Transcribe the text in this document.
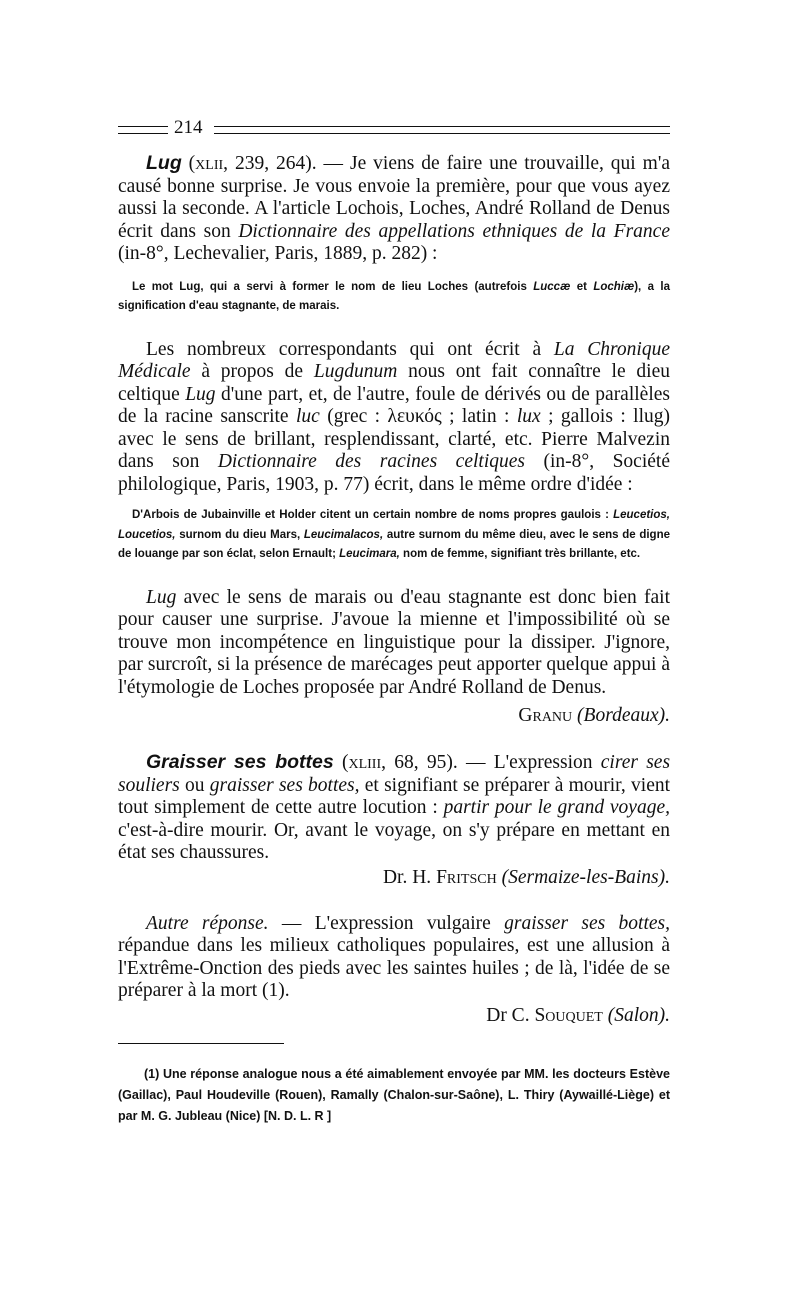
214

Lug (xlii, 239, 264). — Je viens de faire une trouvaille, qui m'a causé bonne surprise. Je vous envoie la première, pour que vous ayez aussi la seconde. A l'article Lochois, Loches, André Rolland de Denus écrit dans son Dictionnaire des appellations ethniques de la France (in-8°, Lechevalier, Paris, 1889, p. 282) :

Le mot Lug, qui a servi à former le nom de lieu Loches (autrefois Luccæ et Lochiæ), a la signification d'eau stagnante, de marais.

Les nombreux correspondants qui ont écrit à La Chronique Médicale à propos de Lugdunum nous ont fait connaître le dieu celtique Lug d'une part, et, de l'autre, foule de dérivés ou de parallèles de la racine sanscrite luc (grec : λευκός ; latin : lux ; gallois : llug) avec le sens de brillant, resplendissant, clarté, etc. Pierre Malvezin dans son Dictionnaire des racines celtiques (in-8°, Société philologique, Paris, 1903, p. 77) écrit, dans le même ordre d'idée :

D'Arbois de Jubainville et Holder citent un certain nombre de noms propres gaulois : Leucetios, Loucetios, surnom du dieu Mars, Leucimalacos, autre surnom du même dieu, avec le sens de digne de louange par son éclat, selon Ernault; Leucimara, nom de femme, signifiant très brillante, etc.

Lug avec le sens de marais ou d'eau stagnante est donc bien fait pour causer une surprise. J'avoue la mienne et l'impossibilité où se trouve mon incompétence en linguistique pour la dissiper. J'ignore, par surcroît, si la présence de marécages peut apporter quelque appui à l'étymologie de Loches proposée par André Rolland de Denus.

Granu (Bordeaux).

Graisser ses bottes (xliii, 68, 95). — L'expression cirer ses souliers ou graisser ses bottes, et signifiant se préparer à mourir, vient tout simplement de cette autre locution : partir pour le grand voyage, c'est-à-dire mourir. Or, avant le voyage, on s'y prépare en mettant en état ses chaussures.

Dr. H. Fritsch (Sermaize-les-Bains).

Autre réponse. — L'expression vulgaire graisser ses bottes, répandue dans les milieux catholiques populaires, est une allusion à l'Extrême-Onction des pieds avec les saintes huiles ; de là, l'idée de se préparer à la mort (1).

Dr C. Souquet (Salon).

(1) Une réponse analogue nous a été aimablement envoyée par MM. les docteurs Estève (Gaillac), Paul Houdeville (Rouen), Ramally (Chalon-sur-Saône), L. Thiry (Aywaillé-Liège) et par M. G. Jubleau (Nice) [N. D. L. R ]
